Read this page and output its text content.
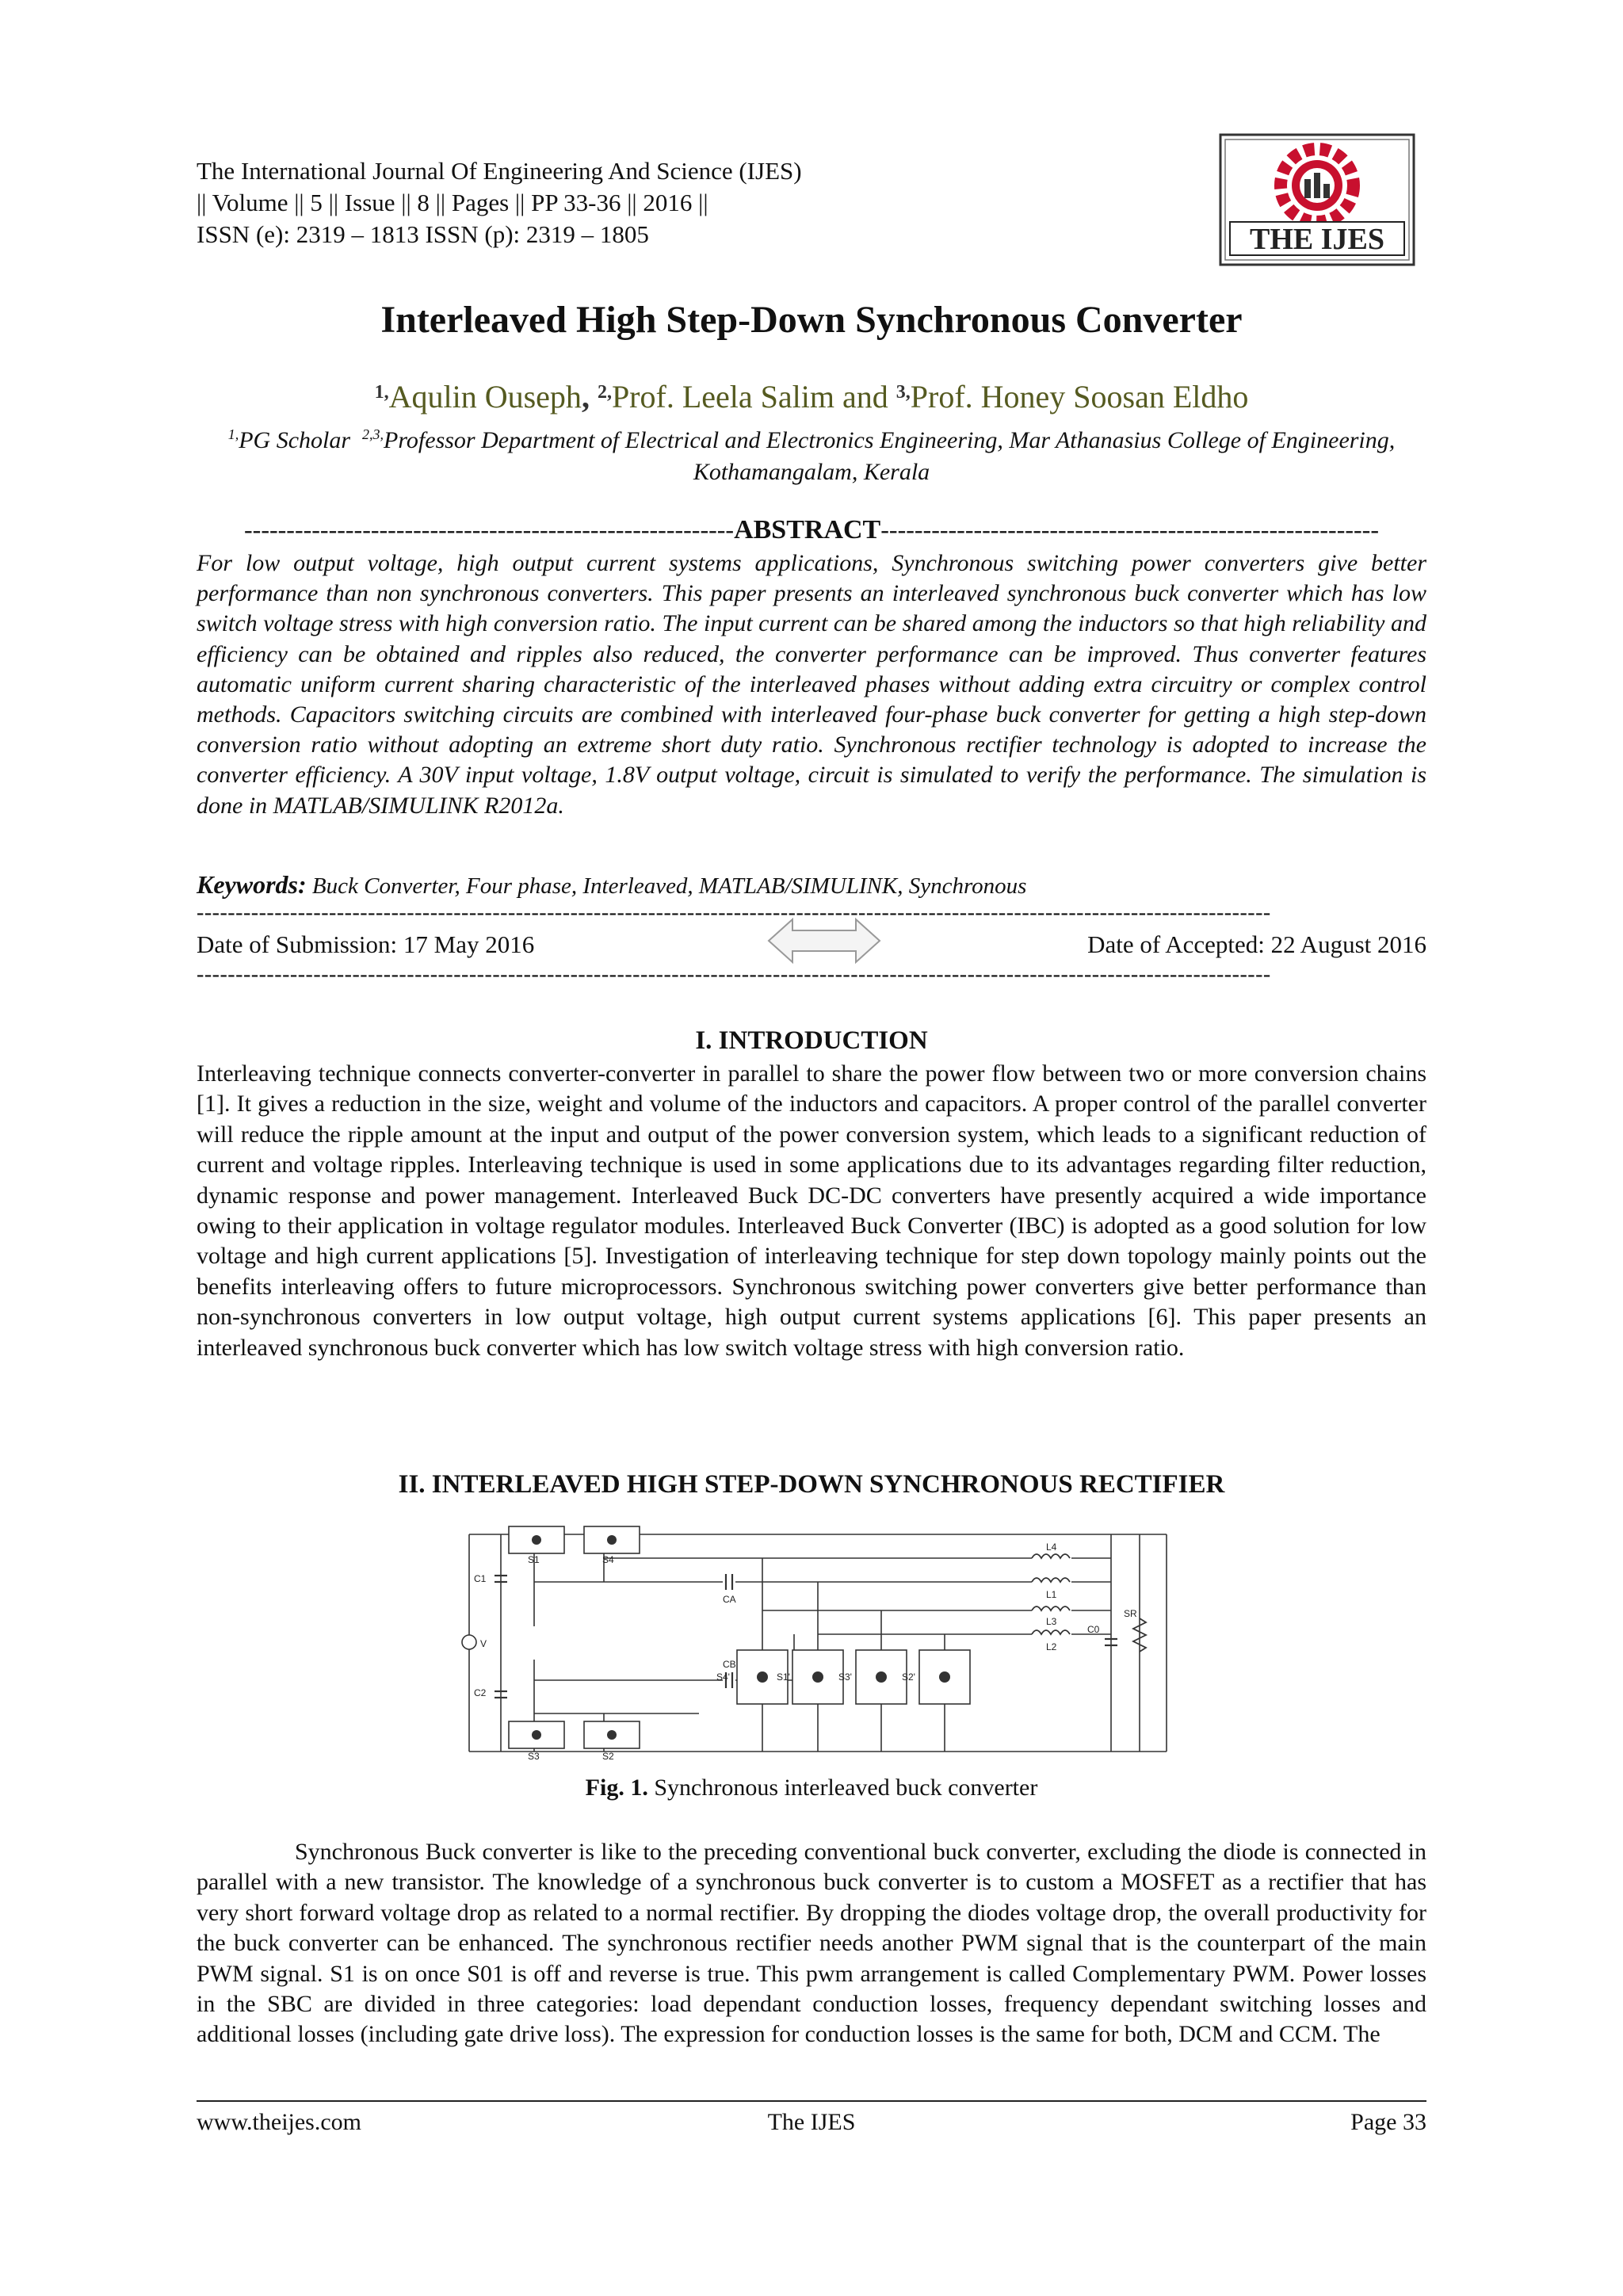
The International Journal Of Engineering And Science (IJES)
|| Volume || 5 || Issue || 8 || Pages || PP 33-36 || 2016 ||
ISSN (e): 2319 – 1813 ISSN (p): 2319 – 1805	THE IJES
Interleaved High Step-Down Synchronous Converter
$^{1,}$Aqulin Ouseph, $^{2,}$Prof. Leela Salim and $^{3,}$Prof. Honey Soosan Eldho
$^{1,}$PG Scholar $^{2,3,}$Professor Department of Electrical and Electronics Engineering, Mar Athanasius College of Engineering, Kothamangalam, Kerala
----------------------------------------------------------ABSTRACT-----------------------------------------------------------
For low output voltage, high output current systems applications, Synchronous switching power converters give better performance than non synchronous converters. This paper presents an interleaved synchronous buck converter which has low switch voltage stress with high conversion ratio. The input current can be shared among the inductors so that high reliability and efficiency can be obtained and ripples also reduced, the converter performance can be improved. Thus converter features automatic uniform current sharing characteristic of the interleaved phases without adding extra circuitry or complex control methods. Capacitors switching circuits are combined with interleaved four-phase buck converter for getting a high step-down conversion ratio without adopting an extreme short duty ratio. Synchronous rectifier technology is adopted to increase the converter efficiency. A 30V input voltage, 1.8V output voltage, circuit is simulated to verify the performance. The simulation is done in MATLAB/SIMULINK R2012a.
Keywords: Buck Converter, Four phase, Interleaved, MATLAB/SIMULINK, Synchronous
------------------------------------------------------------------------------------------------------------------------------------------
Date of Submission: 17 May 2016	Date of Accepted: 22 August 2016
------------------------------------------------------------------------------------------------------------------------------------------
I. INTRODUCTION
Interleaving technique connects converter-converter in parallel to share the power flow between two or more conversion chains [1]. It gives a reduction in the size, weight and volume of the inductors and capacitors. A proper control of the parallel converter will reduce the ripple amount at the input and output of the power conversion system, which leads to a significant reduction of current and voltage ripples. Interleaving technique is used in some applications due to its advantages regarding filter reduction, dynamic response and power management. Interleaved Buck DC-DC converters have presently acquired a wide importance owing to their application in voltage regulator modules. Interleaved Buck Converter (IBC) is adopted as a good solution for low voltage and high current applications [5]. Investigation of interleaving technique for step down topology mainly points out the benefits interleaving offers to future microprocessors. Synchronous switching power converters give better performance than non-synchronous converters in low output voltage, high output current systems applications [6]. This paper presents an interleaved synchronous buck converter which has low switch voltage stress with high conversion ratio.
II. INTERLEAVED HIGH STEP-DOWN SYNCHRONOUS RECTIFIER
S1	S4
S3	S2
C1
V
C2
CA
CB
L4
L1
L3
L2
C0
SR
S4'	S1'	S3'	S2'
Fig. 1. Synchronous interleaved buck converter
Synchronous Buck converter is like to the preceding conventional buck converter, excluding the diode is connected in parallel with a new transistor. The knowledge of a synchronous buck converter is to custom a MOSFET as a rectifier that has very short forward voltage drop as related to a normal rectifier. By dropping the diodes voltage drop, the overall productivity for the buck converter can be enhanced. The synchronous rectifier needs another PWM signal that is the counterpart of the main PWM signal. S1 is on once S01 is off and reverse is true. This pwm arrangement is called Complementary PWM. Power losses in the SBC are divided in three categories: load dependant conduction losses, frequency dependant switching losses and additional losses (including gate drive loss). The expression for conduction losses is the same for both, DCM and CCM. The
www.theijes.com	The IJES	Page 33
